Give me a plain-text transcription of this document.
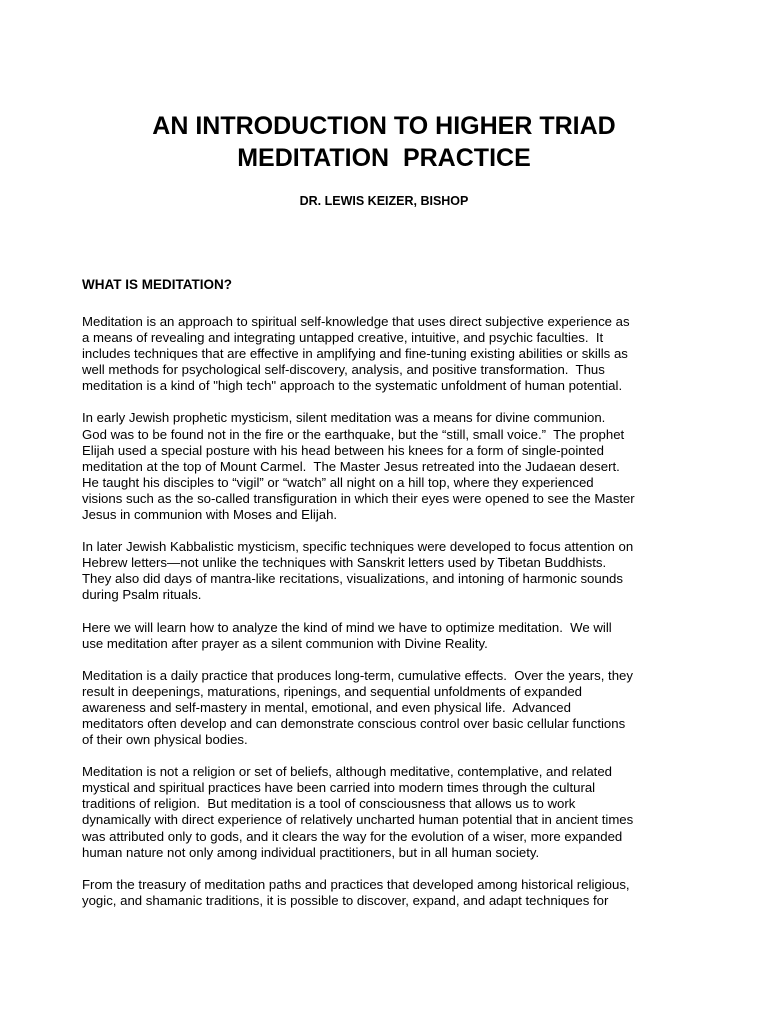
AN INTRODUCTION TO HIGHER TRIAD
MEDITATION  PRACTICE

DR. LEWIS KEIZER, BISHOP

WHAT IS MEDITATION?

Meditation is an approach to spiritual self-knowledge that uses direct subjective experience as
a means of revealing and integrating untapped creative, intuitive, and psychic faculties.  It
includes techniques that are effective in amplifying and fine-tuning existing abilities or skills as
well methods for psychological self-discovery, analysis, and positive transformation.  Thus
meditation is a kind of "high tech" approach to the systematic unfoldment of human potential.

In early Jewish prophetic mysticism, silent meditation was a means for divine communion.
God was to be found not in the fire or the earthquake, but the “still, small voice.”  The prophet
Elijah used a special posture with his head between his knees for a form of single-pointed
meditation at the top of Mount Carmel.  The Master Jesus retreated into the Judaean desert.
He taught his disciples to “vigil” or “watch” all night on a hill top, where they experienced
visions such as the so-called transfiguration in which their eyes were opened to see the Master
Jesus in communion with Moses and Elijah.

In later Jewish Kabbalistic mysticism, specific techniques were developed to focus attention on
Hebrew letters—not unlike the techniques with Sanskrit letters used by Tibetan Buddhists.
They also did days of mantra-like recitations, visualizations, and intoning of harmonic sounds
during Psalm rituals.

Here we will learn how to analyze the kind of mind we have to optimize meditation.  We will
use meditation after prayer as a silent communion with Divine Reality.

Meditation is a daily practice that produces long-term, cumulative effects.  Over the years, they
result in deepenings, maturations, ripenings, and sequential unfoldments of expanded
awareness and self-mastery in mental, emotional, and even physical life.  Advanced
meditators often develop and can demonstrate conscious control over basic cellular functions
of their own physical bodies.

Meditation is not a religion or set of beliefs, although meditative, contemplative, and related
mystical and spiritual practices have been carried into modern times through the cultural
traditions of religion.  But meditation is a tool of consciousness that allows us to work
dynamically with direct experience of relatively uncharted human potential that in ancient times
was attributed only to gods, and it clears the way for the evolution of a wiser, more expanded
human nature not only among individual practitioners, but in all human society.

From the treasury of meditation paths and practices that developed among historical religious,
yogic, and shamanic traditions, it is possible to discover, expand, and adapt techniques for
